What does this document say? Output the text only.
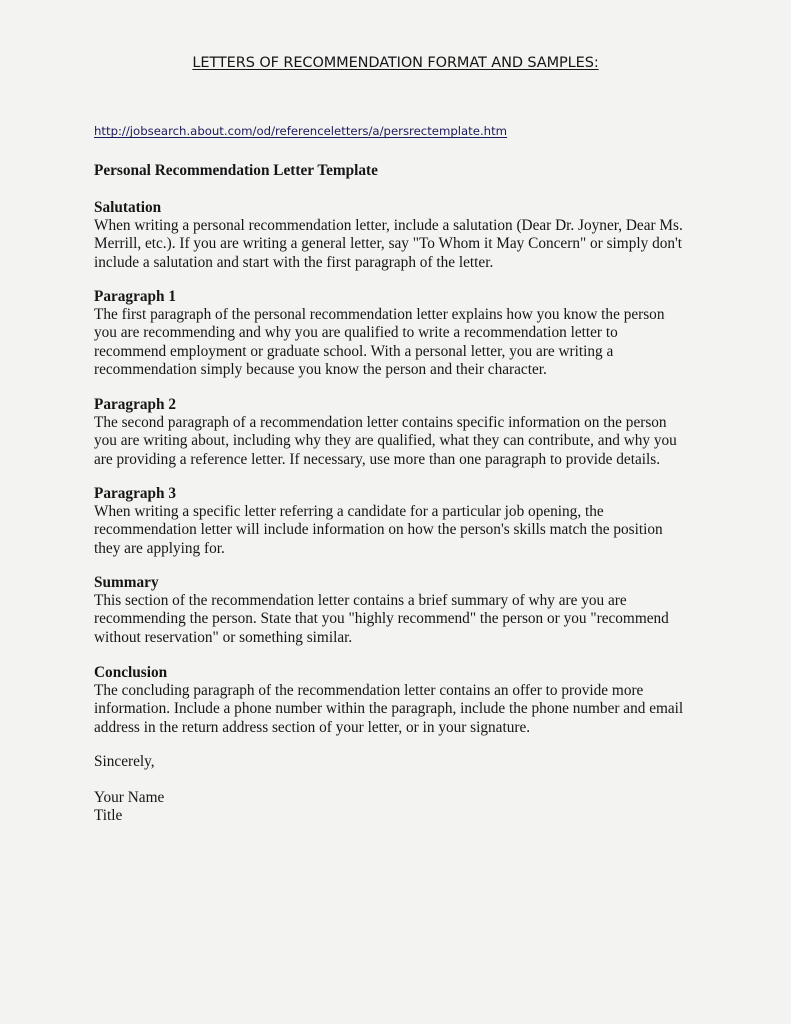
LETTERS OF RECOMMENDATION FORMAT AND SAMPLES:
http://jobsearch.about.com/od/referenceletters/a/persrectemplate.htm

Personal Recommendation Letter Template

Salutation

When writing a personal recommendation letter, include a salutation (Dear Dr. Joyner, Dear Ms.
Merrill, etc.). If you are writing a general letter, say "To Whom it May Concern" or simply don't
include a salutation and start with the first paragraph of the letter.

Paragraph 1

The first paragraph of the personal recommendation letter explains how you know the person
you are recommending and why you are qualified to write a recommendation letter to
recommend employment or graduate school. With a personal letter, you are writing a
recommendation simply because you know the person and their character.

Paragraph 2

The second paragraph of a recommendation letter contains specific information on the person
you are writing about, including why they are qualified, what they can contribute, and why you
are providing a reference letter. If necessary, use more than one paragraph to provide details.

Paragraph 3

When writing a specific letter referring a candidate for a particular job opening, the
recommendation letter will include information on how the person's skills match the position
they are applying for.

Summary

This section of the recommendation letter contains a brief summary of why are you are
recommending the person. State that you "highly recommend" the person or you "recommend
without reservation" or something similar.

Conclusion

The concluding paragraph of the recommendation letter contains an offer to provide more
information. Include a phone number within the paragraph, include the phone number and email
address in the return address section of your letter, or in your signature.

Sincerely,

Your Name

Title
